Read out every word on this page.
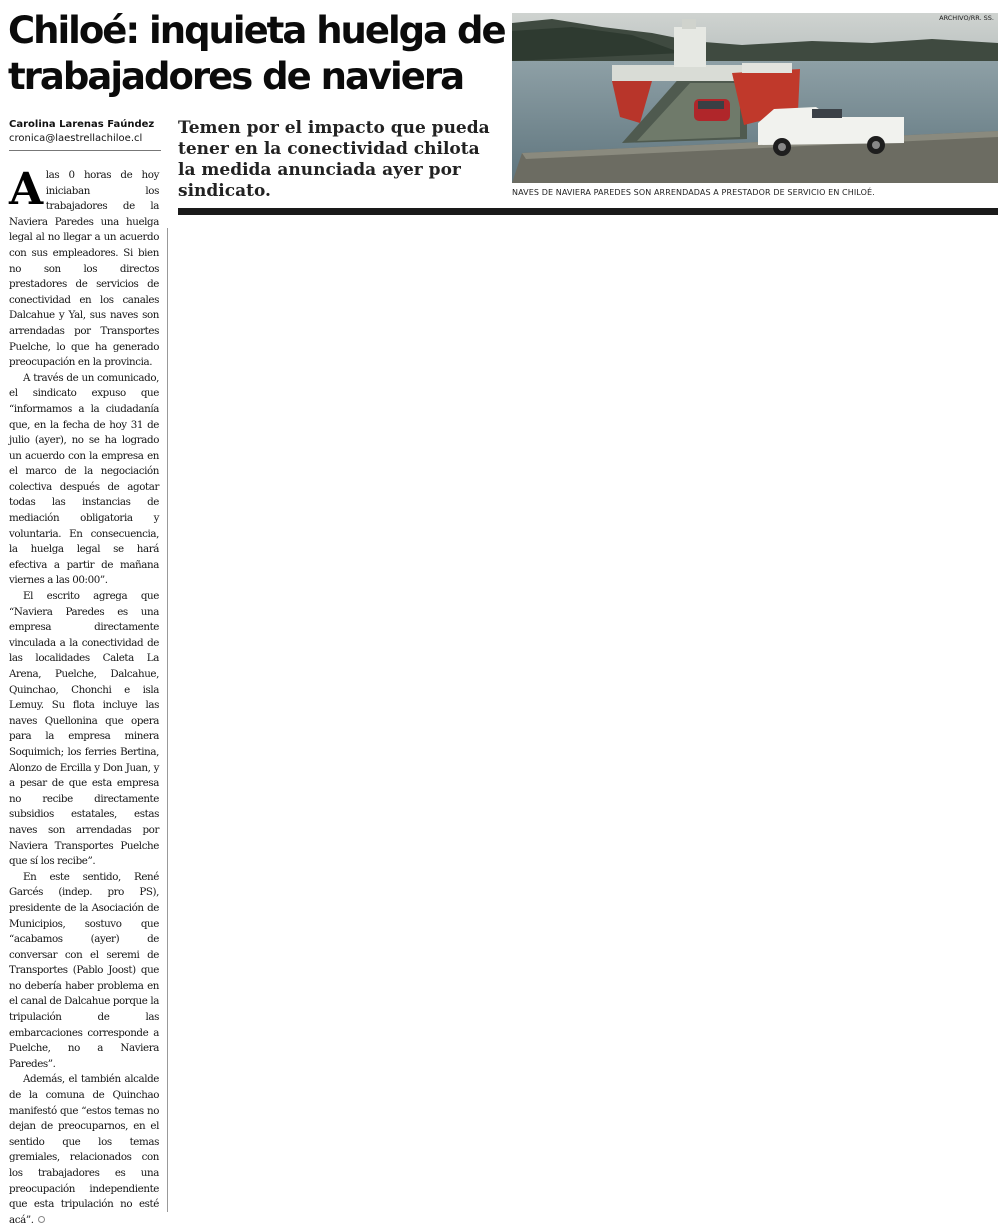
Chiloé: inquieta huelga de trabajadores de naviera
Carolina Larenas Faúndez
cronica@laestrellachiloe.cl

Temen por el impacto que pueda tener en la conectividad chilota la medida anunciada ayer por sindicato.

ARCHIVO/RR. SS.
NAVES DE NAVIERA PAREDES SON ARRENDADAS A PRESTADOR DE SERVICIO EN CHILOÉ.

Alas 0 horas de hoy iniciaban los trabajadores de la Naviera Paredes una huelga legal al no llegar a un acuerdo con sus empleadores. Si bien no son los directos prestadores de servicios de conectividad en los canales Dalcahue y Yal, sus naves son arrendadas por Transportes Puelche, lo que ha generado preocupación en la provincia.

A través de un comunicado, el sindicato expuso que “informamos a la ciudadanía que, en la fecha de hoy 31 de julio (ayer), no se ha logrado un acuerdo con la empresa en el marco de la negociación colectiva después de agotar todas las instancias de mediación obligatoria y voluntaria. En consecuencia, la huelga legal se hará efectiva a partir de mañana viernes a las 00:00”.

El escrito agrega que “Naviera Paredes es una empresa directamente vinculada a la conectividad de las localidades Caleta La Arena, Puelche, Dalcahue, Quinchao, Chonchi e isla Lemuy. Su flota incluye las naves Quellonina que opera para la empresa minera Soquimich; los ferries Bertina, Alonzo de Ercilla y Don Juan, y a pesar de que esta empresa no recibe directamente subsidios estatales, estas naves son arrendadas por Naviera Transportes Puelche que sí los recibe”.

En este sentido, René Garcés (indep. pro PS), presidente de la Asociación de Municipios, sostuvo que “acabamos (ayer) de conversar con el seremi de Transportes (Pablo Joost) que no debería haber problema en el canal de Dalcahue porque la tripulación de las embarcaciones corresponde a Puelche, no a Naviera Paredes”.

Además, el también alcalde de la comuna de Quinchao manifestó que “estos temas no dejan de preocuparnos, en el sentido que los temas gremiales, relacionados con los trabajadores es una preocupación independiente que esta tripulación no esté acá”.
